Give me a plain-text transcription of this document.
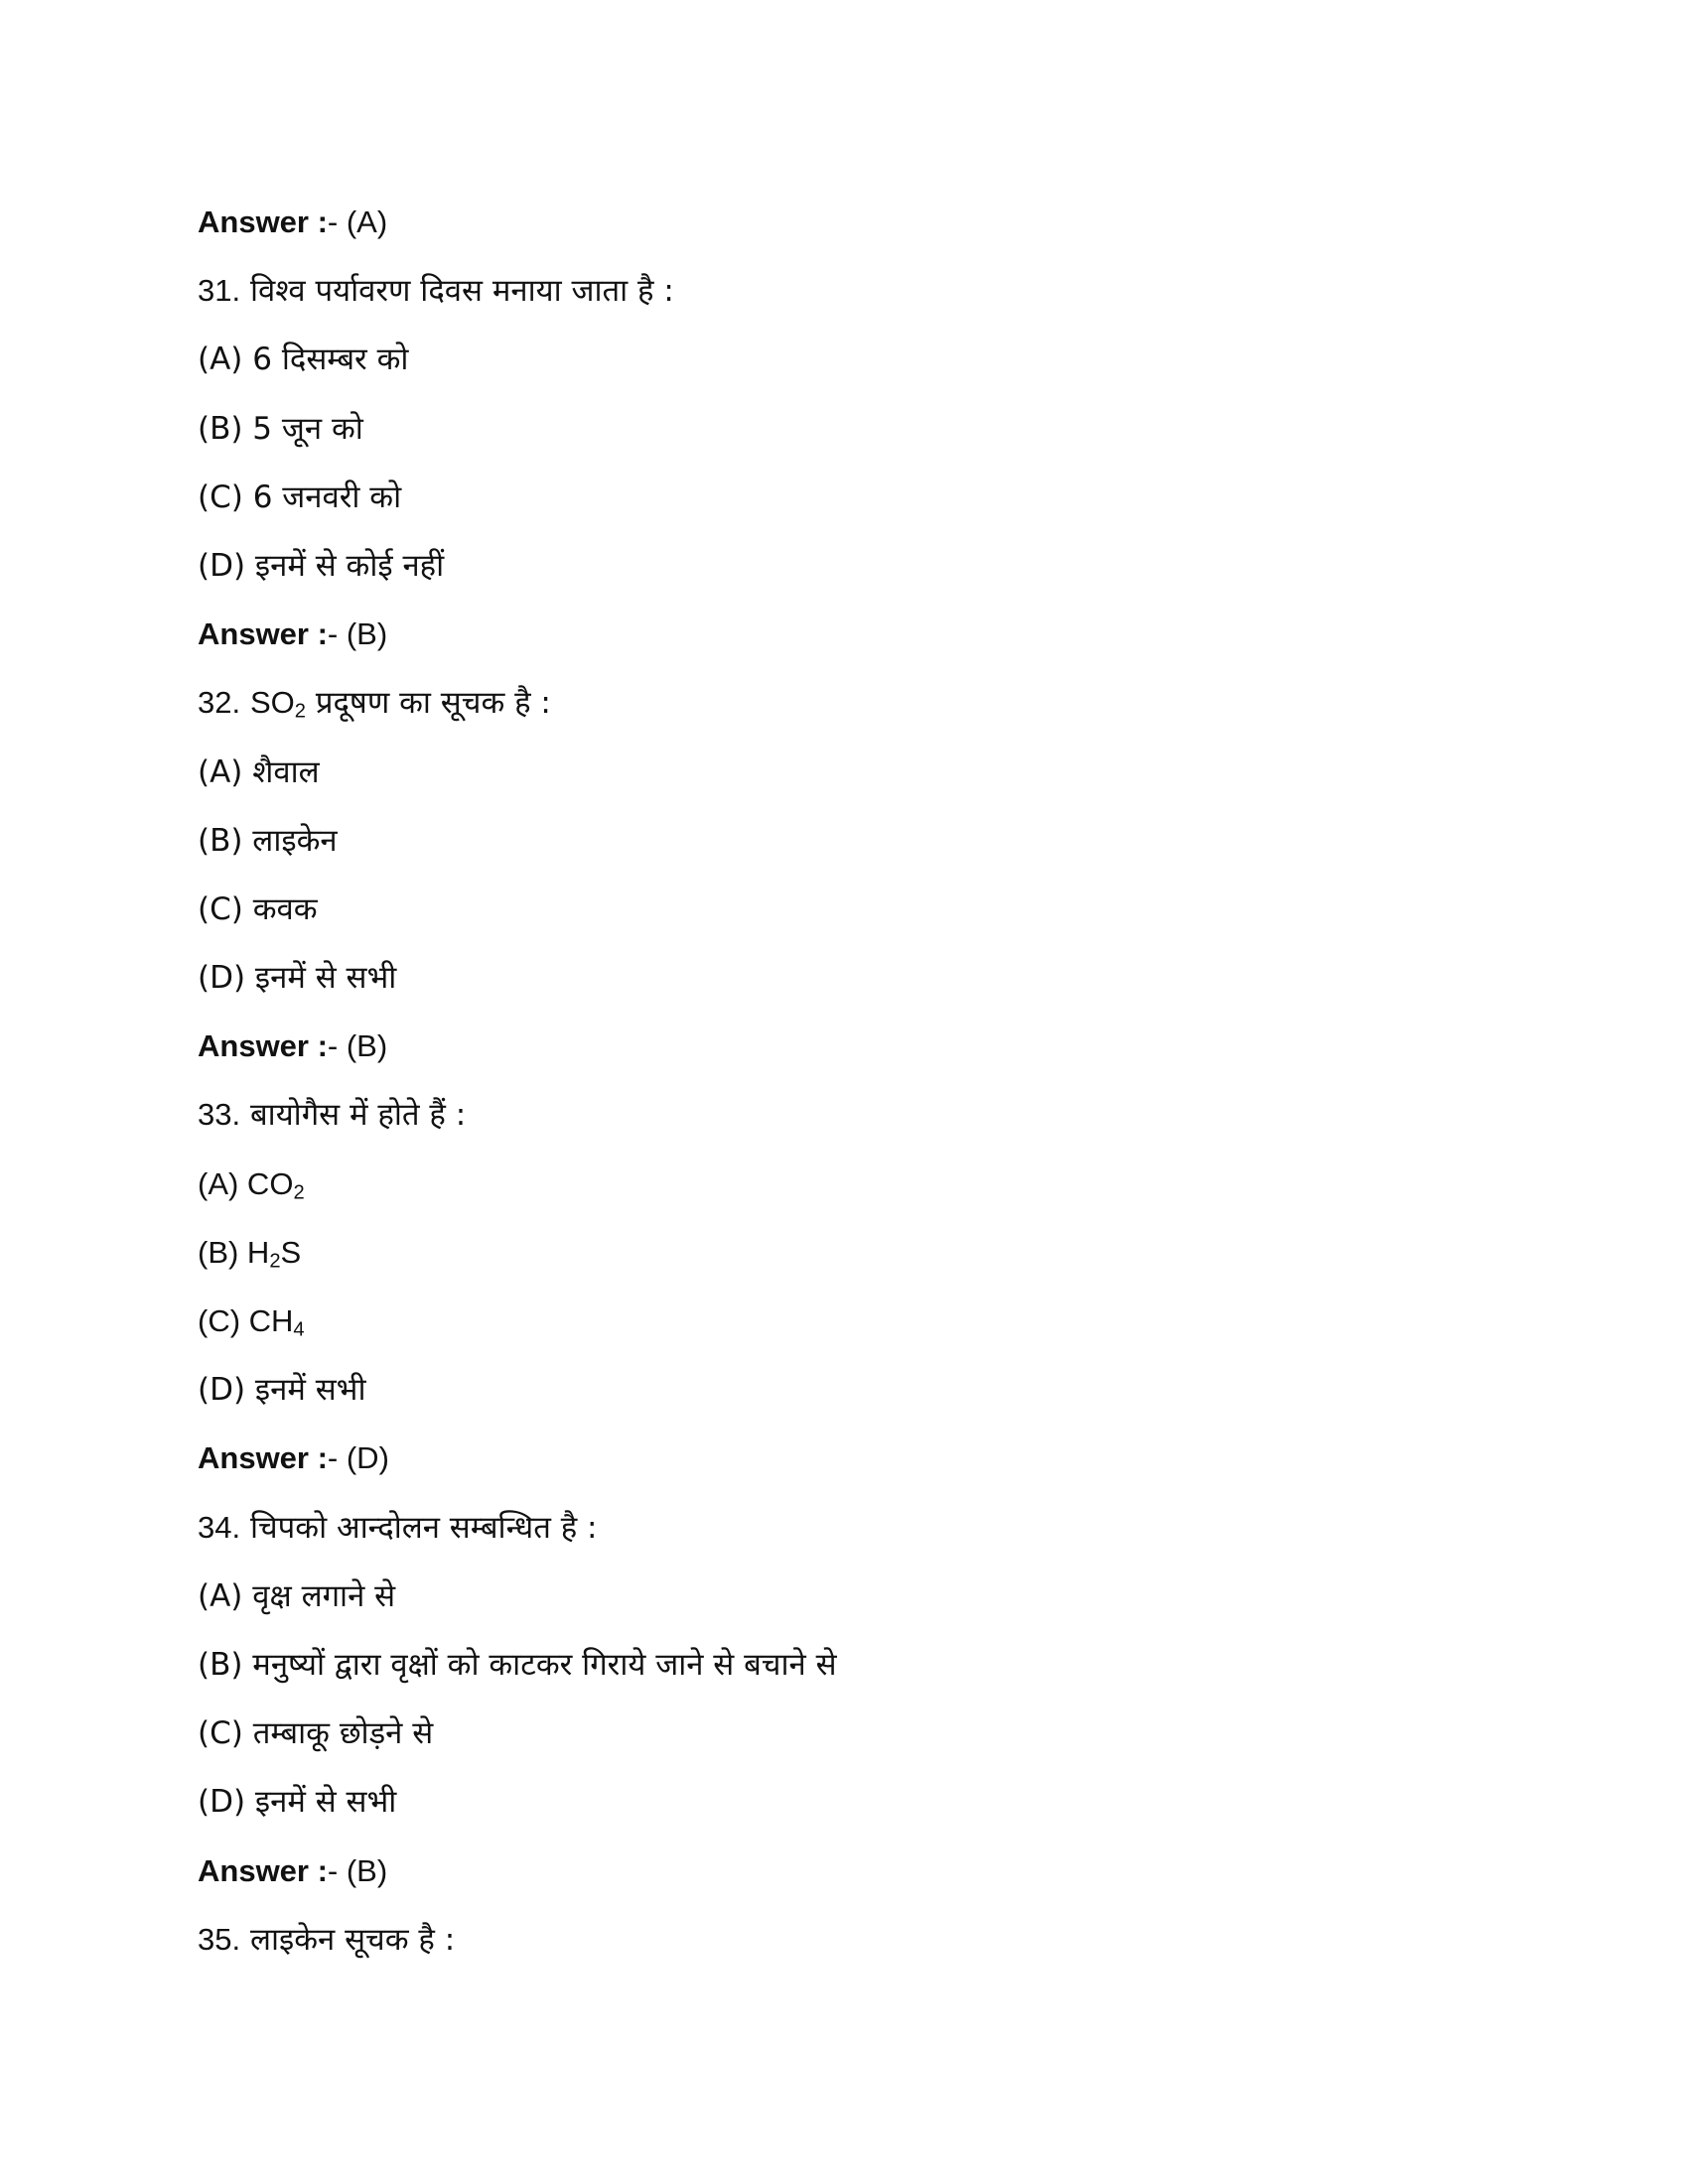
Answer :- (A)
31. विश्व पर्यावरण दिवस मनाया जाता है :
(A) 6 दिसम्बर को
(B) 5 जून को
(C) 6 जनवरी को
(D) इनमें से कोई नहीं
Answer :- (B)
32. $SO_2$ प्रदूषण का सूचक है :
(A) शैवाल
(B) लाइकेन
(C) कवक
(D) इनमें से सभी
Answer :- (B)
33. बायोगैस में होते हैं :
(A) $CO_2$
(B) $H_2S$
(C) $CH_4$
(D) इनमें सभी
Answer :- (D)
34. चिपको आन्दोलन सम्बन्धित है :
(A) वृक्ष लगाने से
(B) मनुष्यों द्वारा वृक्षों को काटकर गिराये जाने से बचाने से
(C) तम्बाकू छोड़ने से
(D) इनमें से सभी
Answer :- (B)
35. लाइकेन सूचक है :
